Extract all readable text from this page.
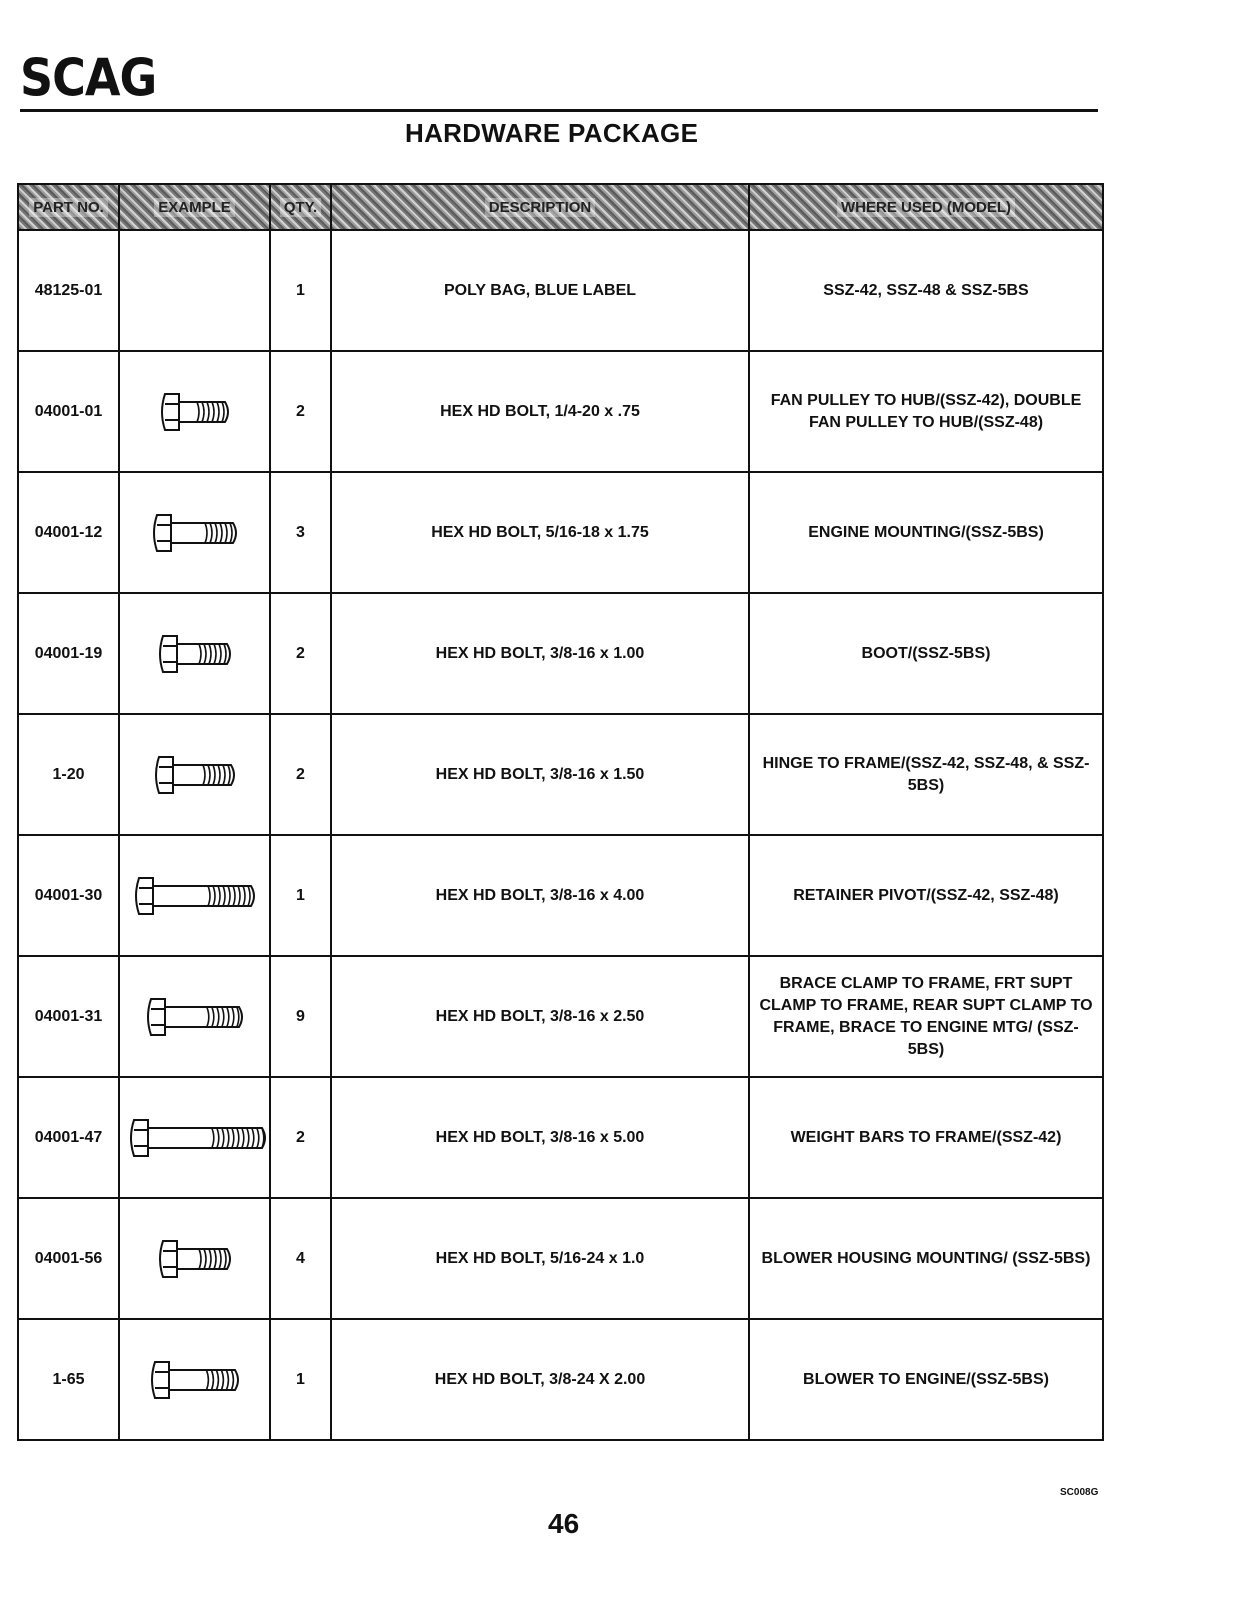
SCAG
HARDWARE PACKAGE
PART NO.	EXAMPLE	QTY.	DESCRIPTION	WHERE USED (MODEL)
48125-01		1	POLY BAG, BLUE LABEL	SSZ-42, SSZ-48 & SSZ-5BS
04001-01		2	HEX HD BOLT, 1/4-20 x .75	FAN PULLEY TO HUB/(SSZ-42), DOUBLE FAN PULLEY TO HUB/(SSZ-48)
04001-12		3	HEX HD BOLT, 5/16-18 x 1.75	ENGINE MOUNTING/(SSZ-5BS)
04001-19		2	HEX HD BOLT, 3/8-16 x 1.00	BOOT/(SSZ-5BS)
1-20		2	HEX HD BOLT, 3/8-16 x 1.50	HINGE TO FRAME/(SSZ-42, SSZ-48, & SSZ-5BS)
04001-30		1	HEX HD BOLT, 3/8-16 x 4.00	RETAINER PIVOT/(SSZ-42, SSZ-48)
04001-31		9	HEX HD BOLT, 3/8-16 x 2.50	BRACE CLAMP TO FRAME, FRT SUPT CLAMP TO FRAME, REAR SUPT CLAMP TO FRAME, BRACE TO ENGINE MTG/ (SSZ-5BS)
04001-47		2	HEX HD BOLT, 3/8-16 x 5.00	WEIGHT BARS TO FRAME/(SSZ-42)
04001-56		4	HEX HD BOLT, 5/16-24 x 1.0	BLOWER HOUSING MOUNTING/ (SSZ-5BS)
1-65		1	HEX HD BOLT, 3/8-24 X 2.00	BLOWER TO ENGINE/(SSZ-5BS)
SC008G
46
